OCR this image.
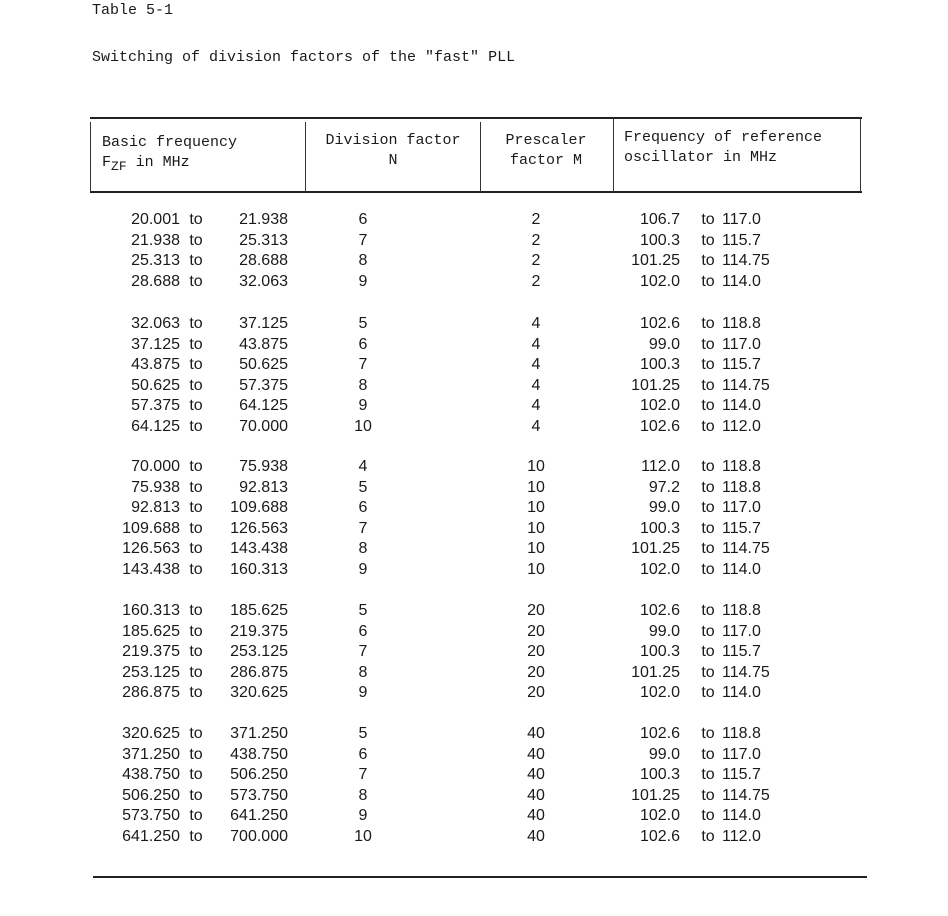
Table 5-1
Switching of division factors of the "fast" PLL
Basic frequency
FZF in MHz
Division factor
N
Prescaler
factor M
Frequency of reference
oscillator in MHz
20.001 to	21.938	6	2	106.7	to 117.0
21.938 to	25.313	7	2	100.3	to 115.7
25.313 to	28.688	8	2	101.25	to 114.75
28.688 to	32.063	9	2	102.0	to 114.0
32.063 to	37.125	5	4	102.6	to 118.8
37.125 to	43.875	6	4	99.0	to 117.0
43.875 to	50.625	7	4	100.3	to 115.7
50.625 to	57.375	8	4	101.25	to 114.75
57.375 to	64.125	9	4	102.0	to 114.0
64.125 to	70.000	10	4	102.6	to 112.0
70.000 to	75.938	4	10	112.0	to 118.8
75.938 to	92.813	5	10	97.2	to 118.8
92.813 to	109.688	6	10	99.0	to 117.0
109.688 to	126.563	7	10	100.3	to 115.7
126.563 to	143.438	8	10	101.25	to 114.75
143.438 to	160.313	9	10	102.0	to 114.0
160.313 to	185.625	5	20	102.6	to 118.8
185.625 to	219.375	6	20	99.0	to 117.0
219.375 to	253.125	7	20	100.3	to 115.7
253.125 to	286.875	8	20	101.25	to 114.75
286.875 to	320.625	9	20	102.0	to 114.0
320.625 to	371.250	5	40	102.6	to 118.8
371.250 to	438.750	6	40	99.0	to 117.0
438.750 to	506.250	7	40	100.3	to 115.7
506.250 to	573.750	8	40	101.25	to 114.75
573.750 to	641.250	9	40	102.0	to 114.0
641.250 to	700.000	10	40	102.6	to 112.0
